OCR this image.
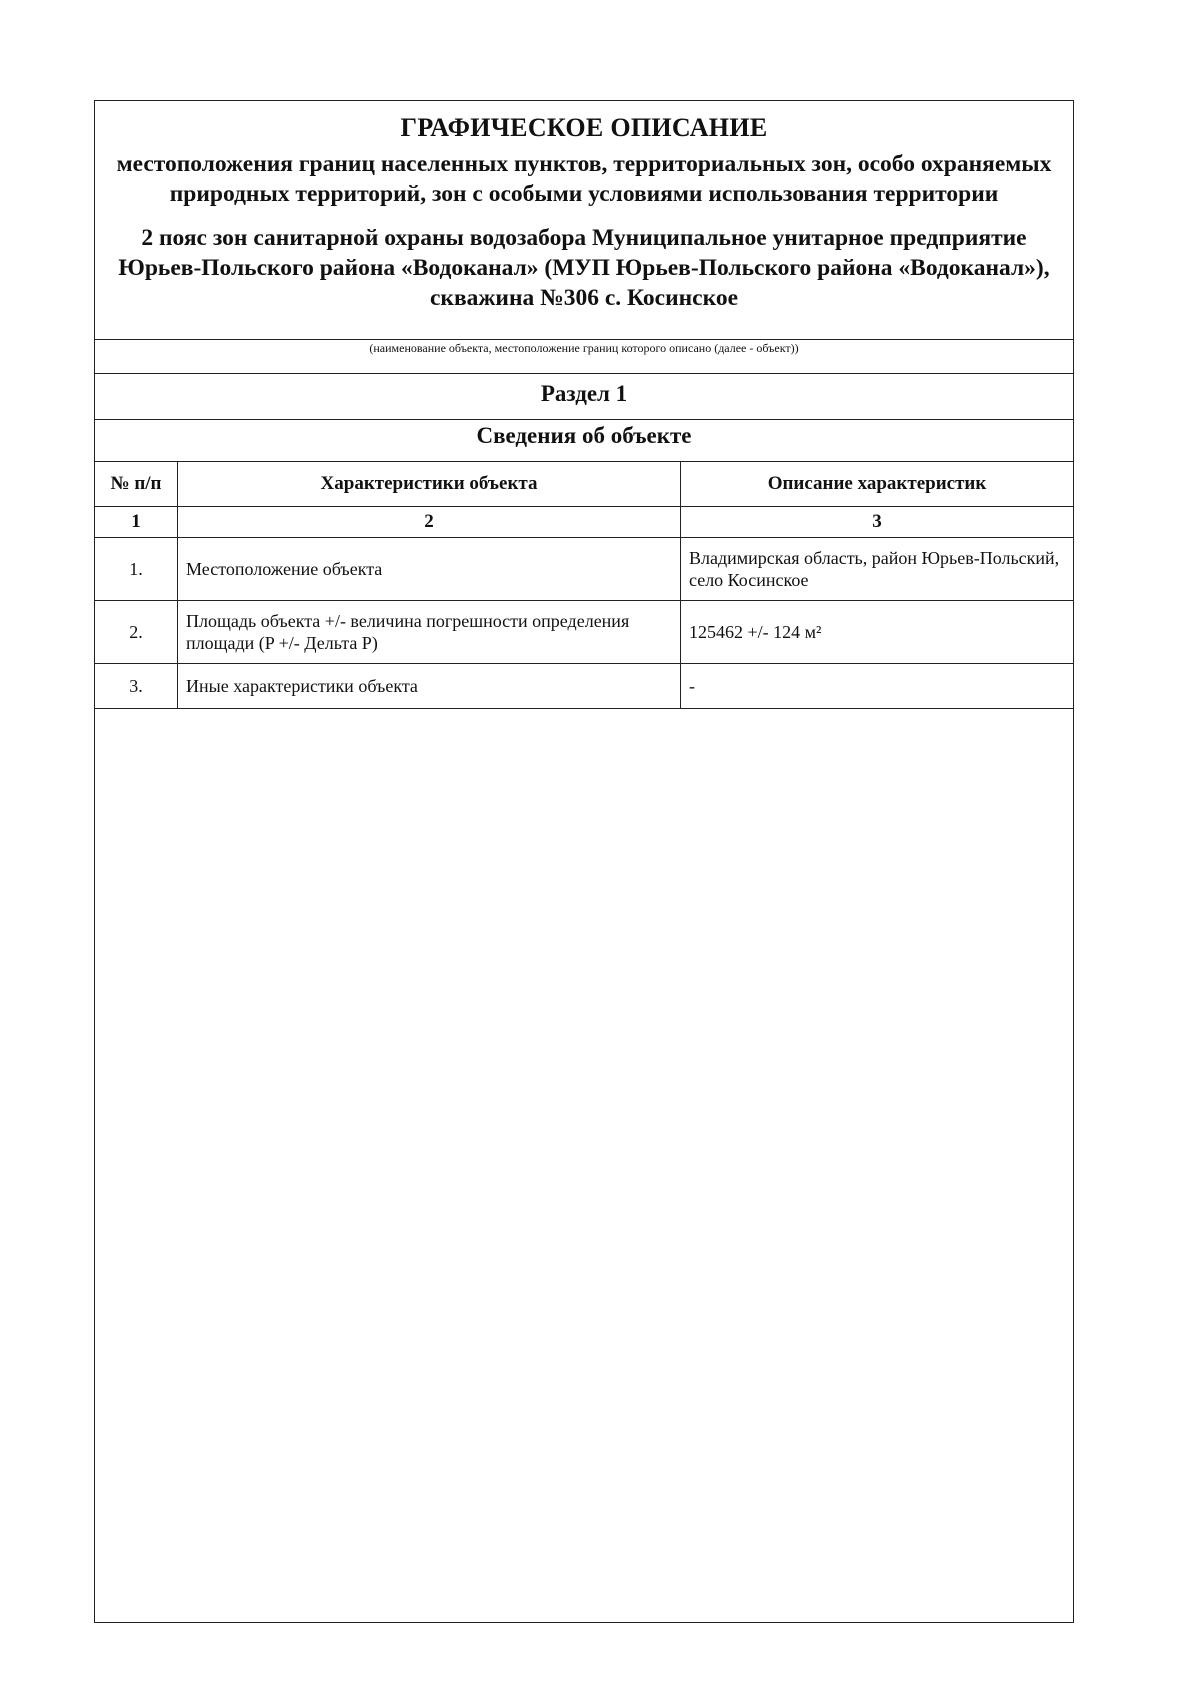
ГРАФИЧЕСКОЕ ОПИСАНИЕ
местоположения границ населенных пунктов, территориальных зон, особо охраняемых природных территорий, зон с особыми условиями использования территории
2 пояс зон санитарной охраны водозабора Муниципальное унитарное предприятие Юрьев-Польского района «Водоканал» (МУП Юрьев-Польского района «Водоканал»), скважина №306 с. Косинское
(наименование объекта, местоположение границ которого описано (далее - объект))
Раздел 1
Сведения об объекте
№ п/п	Характеристики объекта	Описание характеристик
1	2	3
1.	Местоположение объекта	Владимирская область, район Юрьев-Польский, село Косинское
2.	Площадь объекта +/- величина погрешности определения площади (P +/- Дельта P)	125462 +/- 124 м²
3.	Иные характеристики объекта	-
